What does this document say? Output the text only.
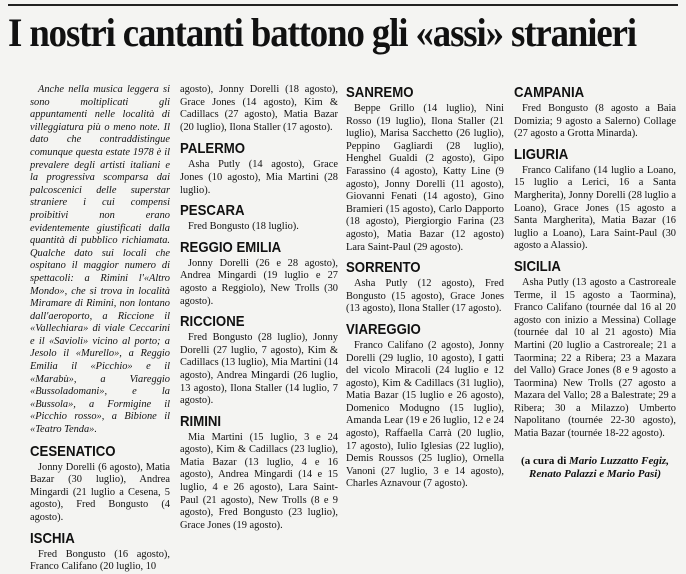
I nostri cantanti battono gli «assi» stranieri

Anche nella musica leggera si sono moltiplicati gli appuntamenti nelle località di villeggiatura più o meno note. Il dato che contraddistingue comunque questa estate 1978 è il prevalere degli artisti italiani e la progressiva scomparsa dai palcoscenici delle superstar straniere i cui compensi proibitivi non erano evidentemente giustificati dalla quantità di pubblico richiamata. Qualche dato sui locali che ospitano il maggior numero di spettacoli: a Rimini l'«Altro Mondo», che si trova in località Miramare di Rimini, non lontano dall'aeroporto, a Riccione il «Vallechiara» di viale Ceccarini e il «Savioli» vicino al porto; a Jesolo il «Murello», a Reggio Emilia il «Picchio» e il «Marabù», a Viareggio «Bussoladomani», e la «Bussola», a Formigine il «Picchio rosso», a Bibione il «Teatro Tenda».

CESENATICO

Jonny Dorelli (6 agosto), Matia Bazar (30 luglio), Andrea Mingardi (21 luglio a Cesena, 5 agosto), Fred Bongusto (4 agosto).

ISCHIA

Fred Bongusto (16 agosto), Franco Califano (20 luglio, 10

agosto), Jonny Dorelli (18 agosto), Grace Jones (14 agosto), Kim & Cadillacs (27 agosto), Matia Bazar (20 luglio), Ilona Staller (17 agosto).

PALERMO

Asha Putly (14 agosto), Grace Jones (10 agosto), Mia Martini (28 luglio).

PESCARA

Fred Bongusto (18 luglio).

REGGIO EMILIA

Jonny Dorelli (26 e 28 agosto), Andrea Mingardi (19 luglio e 27 agosto a Reggiolo), New Trolls (30 agosto).

RICCIONE

Fred Bongusto (28 luglio), Jonny Dorelli (27 luglio, 7 agosto), Kim & Cadillacs (13 luglio), Mia Martini (14 agosto), Andrea Mingardi (26 luglio, 13 agosto), Ilona Staller (14 luglio, 7 agosto).

RIMINI

Mia Martini (15 luglio, 3 e 24 agosto), Kim & Cadillacs (23 luglio), Matia Bazar (13 luglio, 4 e 16 agosto), Andrea Mingardi (14 e 15 luglio, 4 e 26 agosto), Lara Saint-Paul (21 agosto), New Trolls (8 e 9 agosto), Fred Bongusto (23 luglio), Grace Jones (19 agosto).

SANREMO

Beppe Grillo (14 luglio), Nini Rosso (19 luglio), Ilona Staller (21 luglio), Marisa Sacchetto (26 luglio), Peppino Gagliardi (28 luglio), Henghel Gualdi (2 agosto), Gipo Farassino (4 agosto), Katty Line (9 agosto), Jonny Dorelli (11 agosto), Giovanni Fenati (14 agosto), Gino Bramieri (15 agosto), Carlo Dapporto (18 agosto), Piergiorgio Farina (23 agosto), Matia Bazar (12 agosto) Lara Saint-Paul (29 agosto).

SORRENTO

Asha Putly (12 agosto), Fred Bongusto (15 agosto), Grace Jones (13 agosto), Ilona Staller (17 agosto).

VIAREGGIO

Franco Califano (2 agosto), Jonny Dorelli (29 luglio, 10 agosto), I gatti del vicolo Miracoli (24 luglio e 12 agosto), Kim & Cadillacs (31 luglio), Matia Bazar (15 luglio e 26 agosto), Domenico Modugno (15 luglio), Amanda Lear (19 e 26 luglio, 12 e 24 agosto), Raffaella Carrà (20 luglio, 17 agosto), Iulio Iglesias (22 luglio), Demis Roussos (25 luglio), Ornella Vanoni (27 luglio, 3 e 14 agosto), Charles Aznavour (7 agosto).

CAMPANIA

Fred Bongusto (8 agosto a Baia Domizia; 9 agosto a Salerno) Collage (27 agosto a Grotta Minarda).

LIGURIA

Franco Califano (14 luglio a Loano, 15 luglio a Lerici, 16 a Santa Margherita), Jonny Dorelli (28 luglio a Loano), Grace Jones (15 agosto a Santa Margherita), Matia Bazar (16 luglio a Loano), Lara Saint-Paul (30 agosto a Alassio).

SICILIA

Asha Putly (13 agosto a Castroreale Terme, il 15 agosto a Taormina), Franco Califano (tournée dal 16 al 20 agosto con inizio a Messina) Collage (tournée dal 10 al 21 agosto) Mia Martini (20 luglio a Castroreale; 21 a Taormina; 22 a Ribera; 23 a Mazara del Vallo) Grace Jones (8 e 9 agosto a Taormina) New Trolls (27 agosto a Mazara del Vallo; 28 a Balestrate; 29 a Ribera; 30 a Milazzo) Umberto Napolitano (tournée 22-30 agosto), Matia Bazar (tournée 18-22 agosto).

(a cura di Mario Luzzatto Fegiz, Renato Palazzi e Mario Pasi)
